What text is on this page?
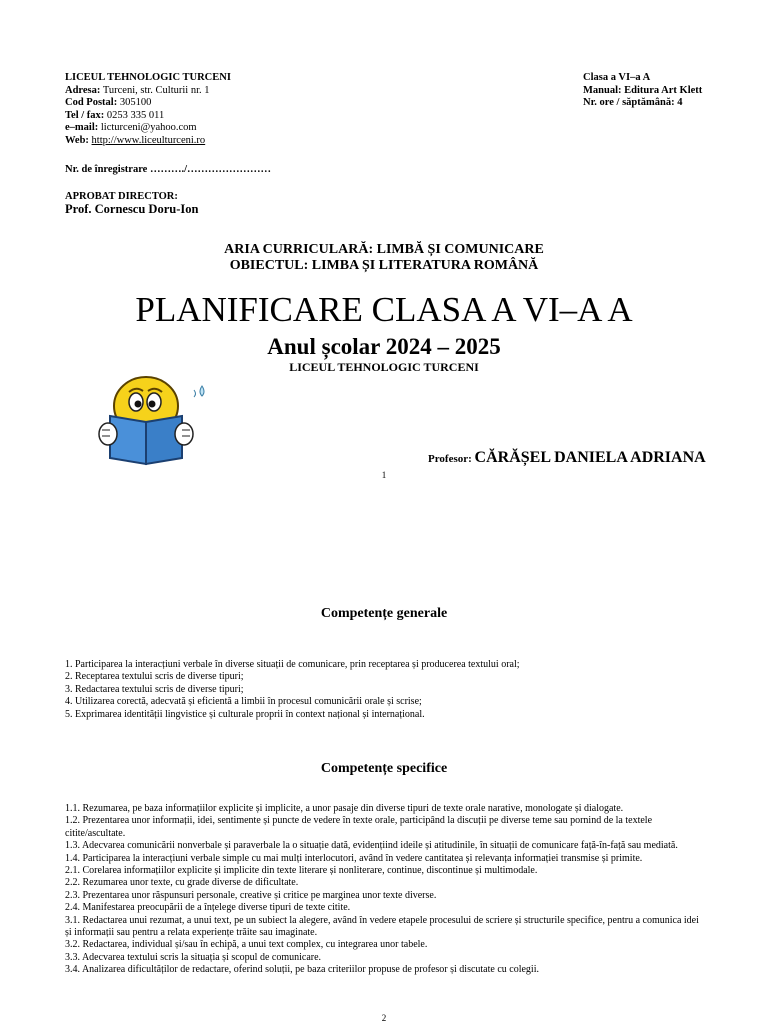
LICEUL TEHNOLOGIC TURCENI
Adresa: Turceni, str. Culturii nr. 1
Cod Postal: 305100
Tel / fax: 0253 335 011
e–mail: licturceni@yahoo.com
Web: http://www.liceulturceni.ro
Clasa a VI–a A
Manual: Editura Art Klett
Nr. ore / săptămână: 4
Nr. de înregistrare ………./……………………
APROBAT DIRECTOR:
Prof. Cornescu Doru-Ion
ARIA CURRICULARĂ: LIMBĂ ȘI COMUNICARE
OBIECTUL: LIMBA ȘI LITERATURA ROMÂNĂ
PLANIFICARE CLASA A VI–A A
Anul școlar 2024 – 2025
LICEUL TEHNOLOGIC TURCENI
Profesor: CĂRĂȘEL DANIELA ADRIANA
1
Competențe generale
1. Participarea la interacțiuni verbale în diverse situații de comunicare, prin receptarea și producerea textului oral;
2. Receptarea textului scris de diverse tipuri;
3. Redactarea textului scris de diverse tipuri;
4. Utilizarea corectă, adecvată și eficientă a limbii în procesul comunicării orale și scrise;
5. Exprimarea identității lingvistice și culturale proprii în context național și internațional.
Competențe specifice
1.1. Rezumarea, pe baza informațiilor explicite și implicite, a unor pasaje din diverse tipuri de texte orale narative, monologate și dialogate.
1.2. Prezentarea unor informații, idei, sentimente și puncte de vedere în texte orale, participând la discuții pe diverse teme sau pornind de la textele citite/ascultate.
1.3. Adecvarea comunicării nonverbale și paraverbale la o situație dată, evidențiind ideile și atitudinile, în situații de comunicare față-în-față sau mediată.
1.4. Participarea la interacțiuni verbale simple cu mai mulți interlocutori, având în vedere cantitatea și relevanța informației transmise și primite.
2.1. Corelarea informațiilor explicite și implicite din texte literare și nonliterare, continue, discontinue și multimodale.
2.2. Rezumarea unor texte, cu grade diverse de dificultate.
2.3. Prezentarea unor răspunsuri personale, creative și critice pe marginea unor texte diverse.
2.4. Manifestarea preocupării de a înțelege diverse tipuri de texte citite.
3.1. Redactarea unui rezumat, a unui text, pe un subiect la alegere, având în vedere etapele procesului de scriere și structurile specifice, pentru a comunica idei și informații sau pentru a relata experiențe trăite sau imaginate.
3.2. Redactarea, individual și/sau în echipă, a unui text complex, cu integrarea unor tabele.
3.3. Adecvarea textului scris la situația și scopul de comunicare.
3.4. Analizarea dificultăților de redactare, oferind soluții, pe baza criteriilor propuse de profesor și discutate cu colegii.
2
